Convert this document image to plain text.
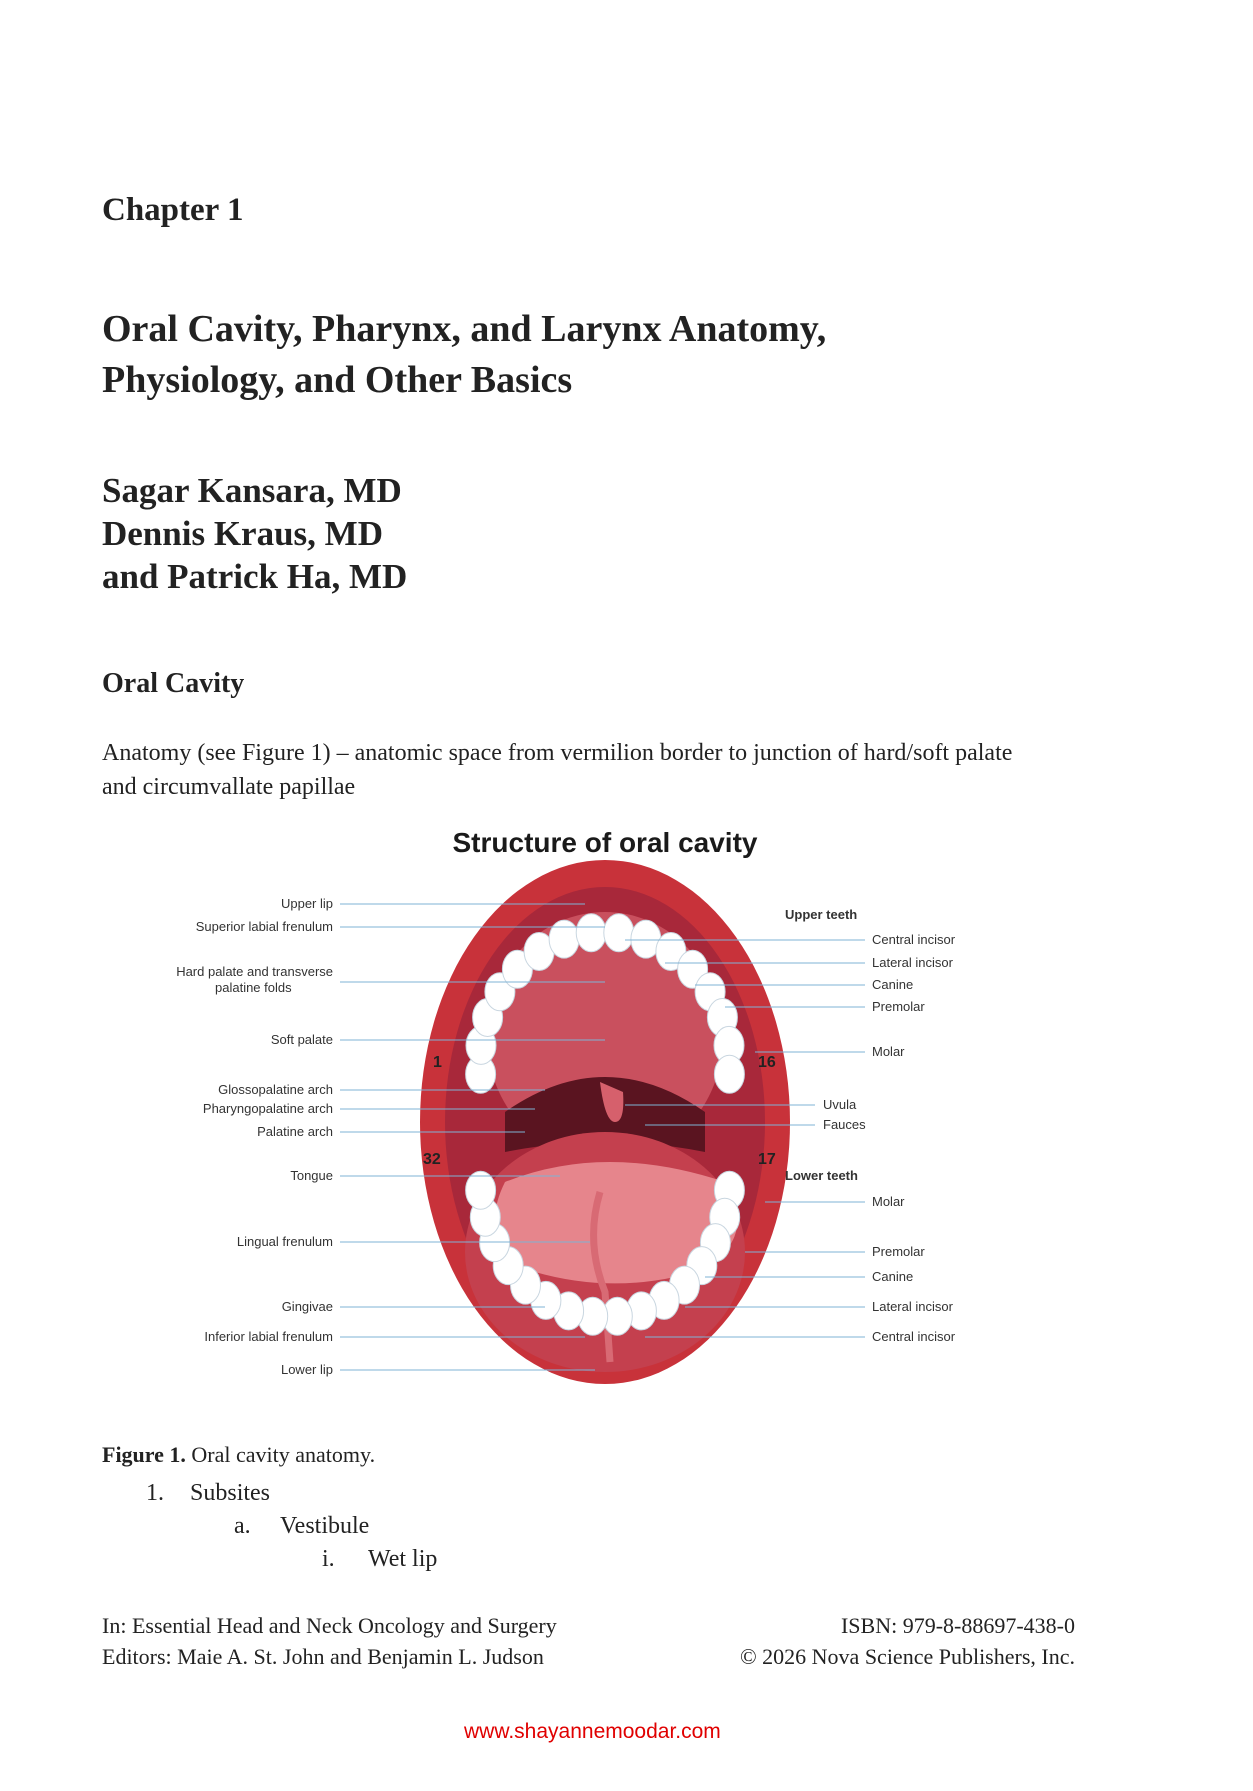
Chapter 1
Oral Cavity, Pharynx, and Larynx Anatomy,
Physiology, and Other Basics
Sagar Kansara, MD
Dennis Kraus, MD
and Patrick Ha, MD
Oral Cavity
Anatomy (see Figure 1) – anatomic space from vermilion border to junction of hard/soft palate
and circumvallate papillae
Structure of oral cavity
1	16
32	17
Upper lip
Superior labial frenulum
Hard palate and transverse
palatine folds
Soft palate
Glossopalatine arch
Pharyngopalatine arch
Palatine arch
Tongue
Lingual frenulum
Gingivae
Inferior labial frenulum
Lower lip
Upper teeth
Central incisor
Lateral incisor
Canine
Premolar
Molar
Uvula
Fauces
Lower teeth
Molar
Premolar
Canine
Lateral incisor
Central incisor
Figure 1. Oral cavity anatomy.
1. Subsites
a. Vestibule
i. Wet lip
In: Essential Head and Neck Oncology and Surgery
Editors: Maie A. St. John and Benjamin L. Judson
ISBN: 979-8-88697-438-0
© 2026 Nova Science Publishers, Inc.
www.shayannemoodar.com
